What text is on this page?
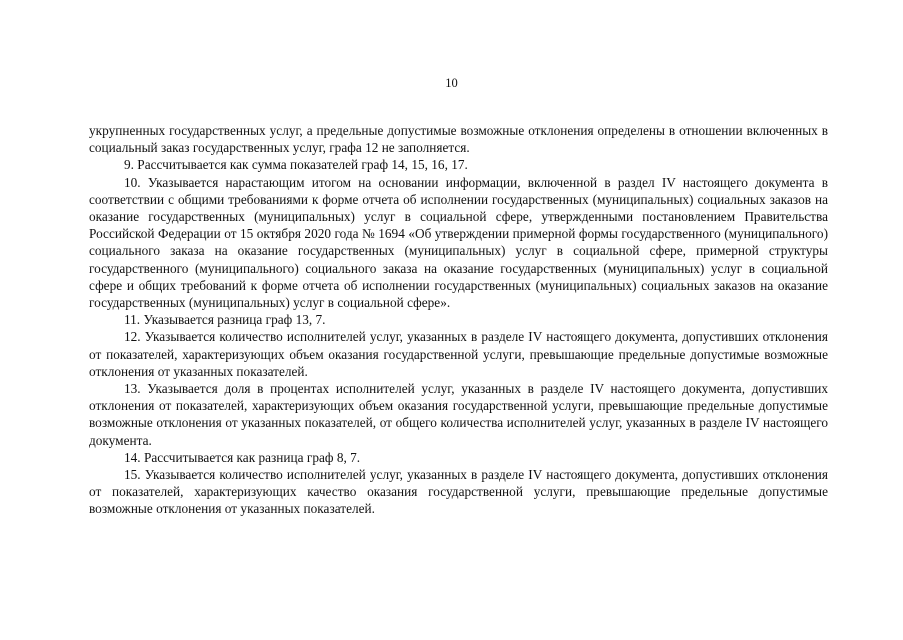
10

укрупненных государственных услуг, а предельные допустимые возможные отклонения определены в отношении включенных в социальный заказ государственных услуг, графа 12 не заполняется.

9. Рассчитывается как сумма показателей граф 14, 15, 16, 17.

10. Указывается нарастающим итогом на основании информации, включенной в раздел IV настоящего документа в соответствии с общими требованиями к форме отчета об исполнении государственных (муниципальных) социальных заказов на оказание государственных (муниципальных) услуг в социальной сфере, утвержденными постановлением Правительства Российской Федерации от 15 октября 2020 года № 1694 «Об утверждении примерной формы государственного (муниципального) социального заказа на оказание государственных (муниципальных) услуг в социальной сфере, примерной структуры государственного (муниципального) социального заказа на оказание государственных (муниципальных) услуг в социальной сфере и общих требований к форме отчета об исполнении государственных (муниципальных) социальных заказов на оказание государственных (муниципальных) услуг в социальной сфере».

11. Указывается разница граф 13, 7.

12. Указывается количество исполнителей услуг, указанных в разделе IV настоящего документа, допустивших отклонения от показателей, характеризующих объем оказания государственной услуги, превышающие предельные допустимые возможные отклонения от указанных показателей.

13. Указывается доля в процентах исполнителей услуг, указанных в разделе IV настоящего документа, допустивших отклонения от показателей, характеризующих объем оказания государственной услуги, превышающие предельные допустимые возможные отклонения от указанных показателей, от общего количества исполнителей услуг, указанных в разделе IV настоящего документа.

14. Рассчитывается как разница граф 8, 7.

15. Указывается количество исполнителей услуг, указанных в разделе IV настоящего документа, допустивших отклонения от показателей, характеризующих качество оказания государственной услуги, превышающие предельные допустимые возможные отклонения от указанных показателей.
